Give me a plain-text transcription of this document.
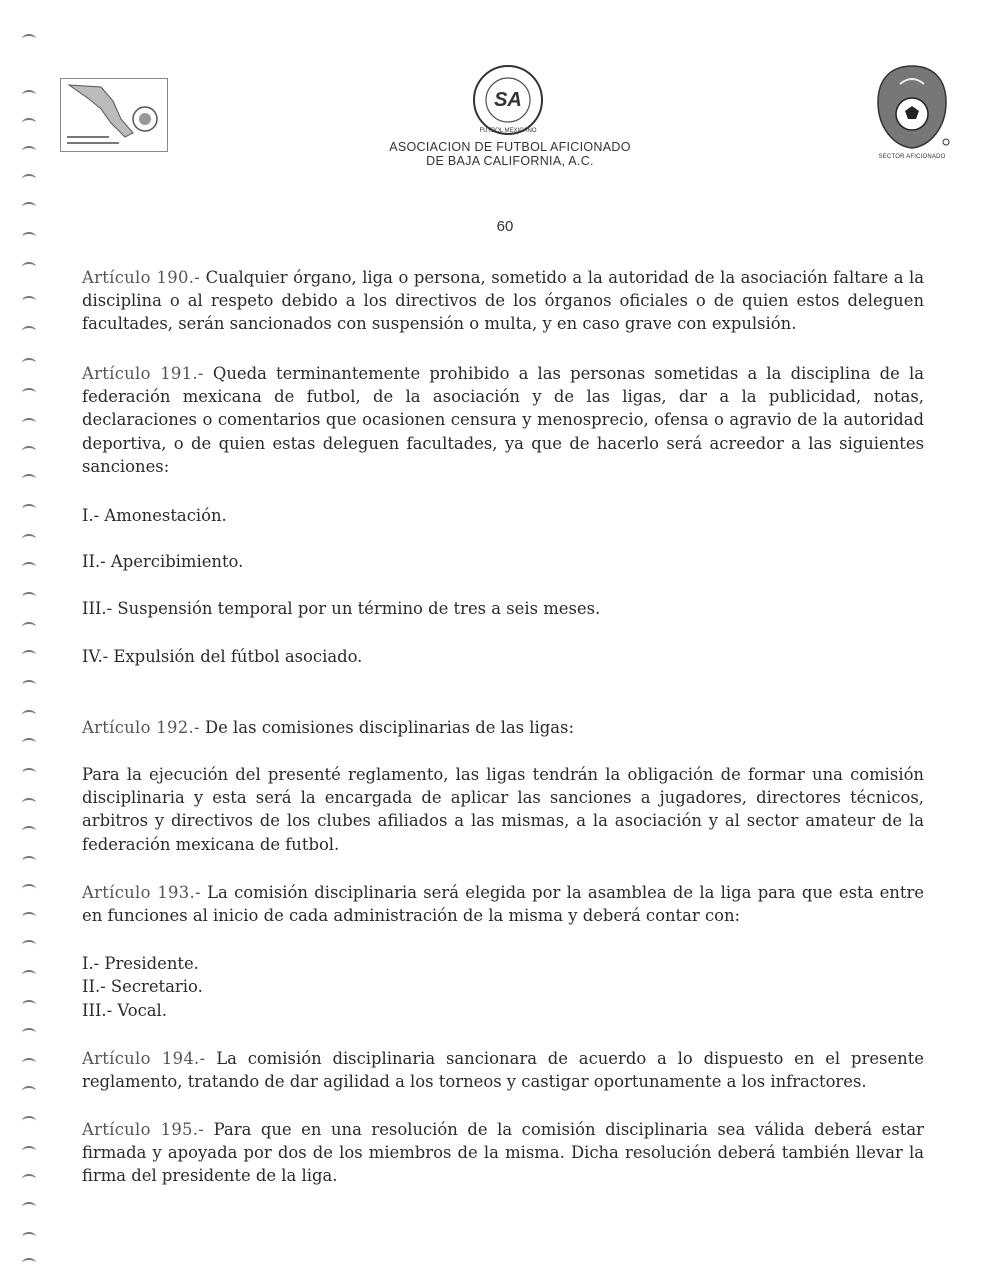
SA
FUTBOL MEXICANO
SECTOR AFICIONADO
ASOCIACION DE FUTBOL AFICIONADO
DE BAJA CALIFORNIA, A.C.
60
Artículo 190.- Cualquier órgano, liga o persona, sometido a la autoridad de la asociación faltare a la disciplina o al respeto debido a los directivos de los órganos oficiales o de quien estos deleguen facultades, serán sancionados con suspensión o multa, y en caso grave con expulsión.
Artículo 191.- Queda terminantemente prohibido a las personas sometidas a la disciplina de la federación mexicana de futbol, de la asociación y de las ligas, dar a la publicidad, notas, declaraciones o comentarios que ocasionen censura y menosprecio, ofensa o agravio de la autoridad deportiva, o de quien estas deleguen facultades, ya que de hacerlo será acreedor a las siguientes sanciones:
I.- Amonestación.
II.- Apercibimiento.
III.- Suspensión temporal por un término de tres a seis meses.
IV.- Expulsión del fútbol asociado.
Artículo 192.- De las comisiones disciplinarias de las ligas:
Para la ejecución del presenté reglamento, las ligas tendrán la obligación de formar una comisión disciplinaria y esta será la encargada de aplicar las sanciones a jugadores, directores técnicos, arbitros y directivos de los clubes afiliados a las mismas, a la asociación y al sector amateur de la federación mexicana de futbol.
Artículo 193.- La comisión disciplinaria será elegida por la asamblea de la liga para que esta entre en funciones al inicio de cada administración de la misma y deberá contar con:
I.- Presidente.
II.- Secretario.
III.- Vocal.
Artículo 194.- La comisión disciplinaria sancionara de acuerdo a lo dispuesto en el presente reglamento, tratando de dar agilidad a los torneos y castigar oportunamente a los infractores.
Artículo 195.- Para que en una resolución de la comisión disciplinaria sea válida deberá estar firmada y apoyada por dos de los miembros de la misma. Dicha resolución deberá también llevar la firma del presidente de la liga.
